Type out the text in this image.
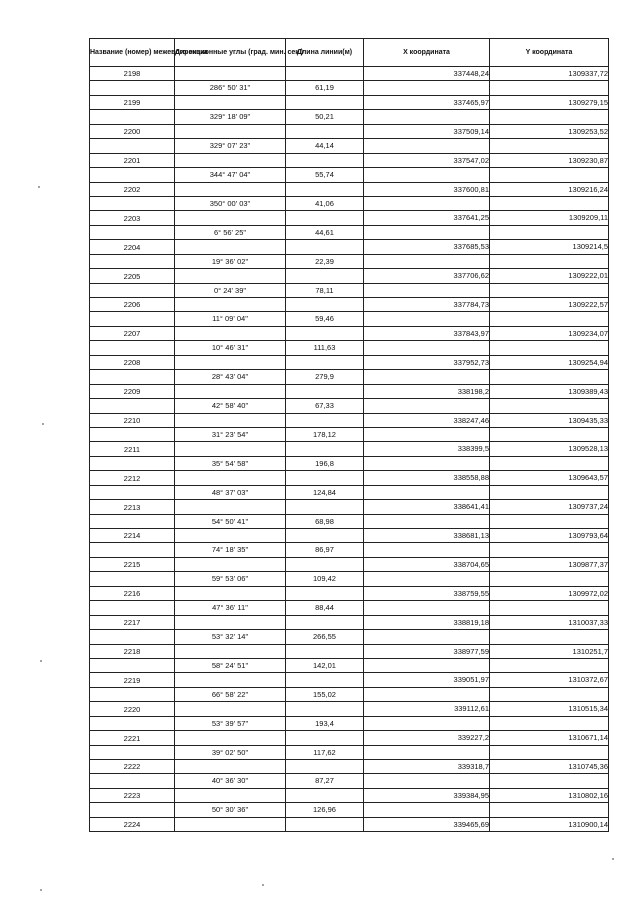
Название (номер) межевого знака	Дирекционные углы (град. мин. сек.)	Длина линии(м)	X координата	Y координата
2198			337448,24	1309337,72
	286° 50' 31"	61,19		
2199			337465,97	1309279,15
	329° 18' 09"	50,21		
2200			337509,14	1309253,52
	329° 07' 23"	44,14		
2201			337547,02	1309230,87
	344° 47' 04"	55,74		
2202			337600,81	1309216,24
	350° 00' 03"	41,06		
2203			337641,25	1309209,11
	6° 56' 25"	44,61		
2204			337685,53	1309214,5
	19° 36' 02"	22,39		
2205			337706,62	1309222,01
	0° 24' 39"	78,11		
2206			337784,73	1309222,57
	11° 09' 04"	59,46		
2207			337843,97	1309234,07
	10° 46' 31"	111,63		
2208			337952,73	1309254,94
	28° 43' 04"	279,9		
2209			338198,2	1309389,43
	42° 58' 40"	67,33		
2210			338247,46	1309435,33
	31° 23' 54"	178,12		
2211			338399,5	1309528,13
	35° 54' 58"	196,8		
2212			338558,88	1309643,57
	48° 37' 03"	124,84		
2213			338641,41	1309737,24
	54° 50' 41"	68,98		
2214			338681,13	1309793,64
	74° 18' 35"	86,97		
2215			338704,65	1309877,37
	59° 53' 06"	109,42		
2216			338759,55	1309972,02
	47° 36' 11"	88,44		
2217			338819,18	1310037,33
	53° 32' 14"	266,55		
2218			338977,59	1310251,7
	58° 24' 51"	142,01		
2219			339051,97	1310372,67
	66° 58' 22"	155,02		
2220			339112,61	1310515,34
	53° 39' 57"	193,4		
2221			339227,2	1310671,14
	39° 02' 50"	117,62		
2222			339318,7	1310745,36
	40° 36' 30"	87,27		
2223			339384,95	1310802,16
	50° 30' 36"	126,96		
2224			339465,69	1310900,14
